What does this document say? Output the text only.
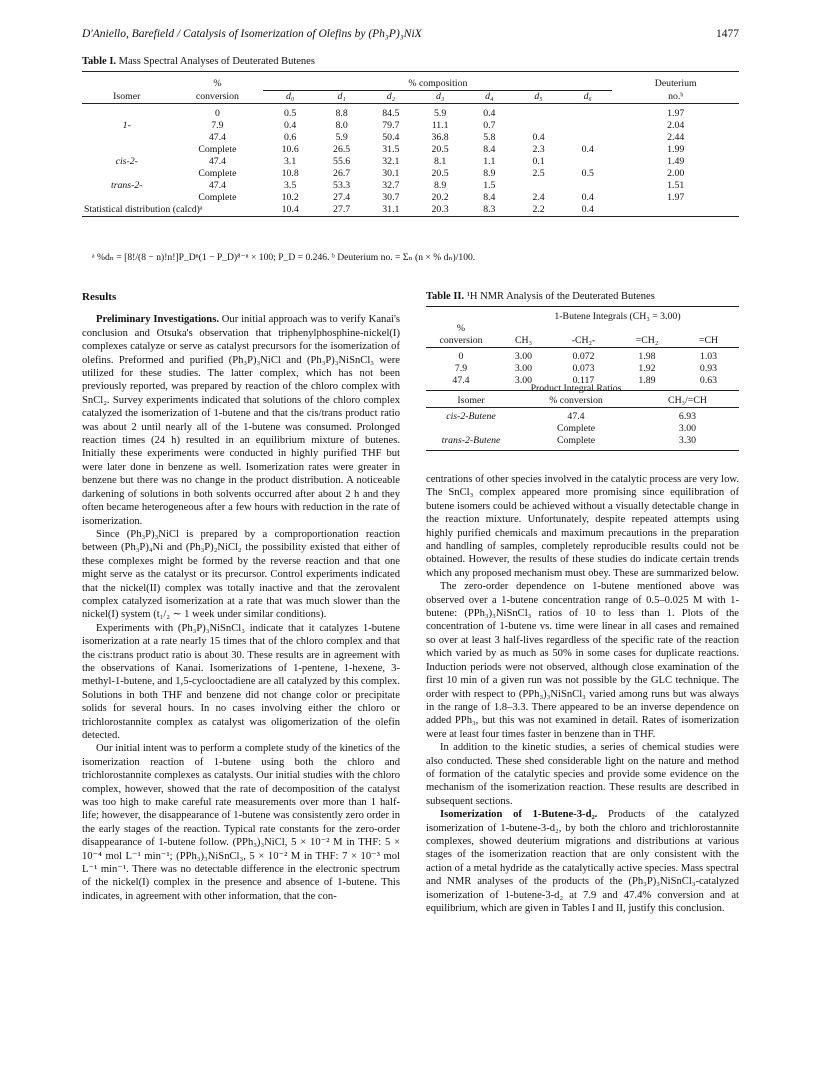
D'Aniello, Barefield / Catalysis of Isomerization of Olefins by (Ph₃P)₃NiX	1477
Table I. Mass Spectral Analyses of Deuterated Butenes
	%	% composition							Deuterium
Isomer	conversion	d₀	d₁	d₂	d₃	d₄	d₅	d₆	no.ᵇ

	0	0.5	8.8	84.5	5.9	0.4			1.97
1-	7.9	0.4	8.0	79.7	11.1	0.7			2.04
	47.4	0.6	5.9	50.4	36.8	5.8	0.4		2.44
	Complete	10.6	26.5	31.5	20.5	8.4	2.3	0.4	1.99
cis-2-	47.4	3.1	55.6	32.1	8.1	1.1	0.1		1.49
	Complete	10.8	26.7	30.1	20.5	8.9	2.5	0.5	2.00
trans-2-	47.4	3.5	53.3	32.7	8.9	1.5			1.51
	Complete	10.2	27.4	30.7	20.2	8.4	2.4	0.4	1.97
Statistical distribution (calcd)ᵃ		10.4	27.7	31.1	20.3	8.3	2.2	0.4	
ᵃ %dₙ = [8!/(8 − n)!n!]P_Dⁿ(1 − P_D)⁸⁻ⁿ × 100; P_D = 0.246. ᵇ Deuterium no. = Σₙ (n × % dₙ)/100.
Results

Preliminary Investigations. Our initial approach was to verify Kanai's conclusion and Otsuka's observation that triphenylphosphine-nickel(I) complexes catalyze or serve as catalyst precursors for the isomerization of olefins. Preformed and purified (Ph₃P)₃NiCl and (Ph₃P)₃NiSnCl₃ were utilized for these studies. The latter complex, which has not been previously reported, was prepared by reaction of the chloro complex with SnCl₂. Survey experiments indicated that solutions of the chloro complex catalyzed the isomerization of 1-butene and that the cis/trans product ratio was about 2 until nearly all of the 1-butene was consumed. Prolonged reaction times (24 h) resulted in an equilibrium mixture of butenes. Initially these experiments were conducted in highly purified THF but were later done in benzene as well. Isomerization rates were greater in benzene but there was no change in the product distribution. A noticeable darkening of solutions in both solvents occurred after about 2 h and they often became heterogeneous after a few hours with reduction in the rate of isomerization.

Since (Ph₃P)₃NiCl is prepared by a comproportionation reaction between (Ph₃P)₄Ni and (Ph₃P)₂NiCl₂ the possibility existed that either of these complexes might be formed by the reverse reaction and that one might serve as the catalyst or its precursor. Control experiments indicated that the nickel(II) complex was totally inactive and that the zerovalent complex catalyzed isomerization at a rate that was much slower than the nickel(I) system (t₁/₂ ∼ 1 week under similar conditions).

Experiments with (Ph₃P)₃NiSnCl₃ indicate that it catalyzes 1-butene isomerization at a rate nearly 15 times that of the chloro complex and that the cis:trans product ratio is about 30. These results are in agreement with the observations of Kanai. Isomerizations of 1-pentene, 1-hexene, 3-methyl-1-butene, and 1,5-cyclooctadiene are all catalyzed by this complex. Solutions in both THF and benzene did not change color or precipitate solids for several hours. In no cases involving either the chloro or trichlorostannite complex as catalyst was oligomerization of the olefin detected.

Our initial intent was to perform a complete study of the kinetics of the isomerization reaction of 1-butene using both the chloro and trichlorostannite complexes as catalysts. Our initial studies with the chloro complex, however, showed that the rate of decomposition of the catalyst was too high to make careful rate measurements over more than 1 half-life; however, the disappearance of 1-butene was consistently zero order in the early stages of the reaction. Typical rate constants for the zero-order disappearance of 1-butene follow. (PPh₃)₃NiCl, 5 × 10⁻² M in THF: 5 × 10⁻⁴ mol L⁻¹ min⁻¹; (PPh₃)₃NiSnCl₃, 5 × 10⁻² M in THF: 7 × 10⁻³ mol L⁻¹ min⁻¹. There was no detectable difference in the electronic spectrum of the nickel(I) complex in the presence and absence of 1-butene. This indicates, in agreement with other information, that the con-

Table II. ¹H NMR Analysis of the Deuterated Butenes
	1-Butene Integrals (CH₃ = 3.00)			
%				
conversion	CH₃	-CH₂-	=CH₂	=CH

0	3.00	0.072	1.98	1.03
7.9	3.00	0.073	1.92	0.93
47.4	3.00	0.117	1.89	0.63

	Product Integral Ratios	
Isomer	% conversion	CH₃/=CH

cis-2-Butene	47.4	6.93
	Complete	3.00
trans-2-Butene	Complete	3.30

centrations of other species involved in the catalytic process are very low. The SnCl₃ complex appeared more promising since equilibration of butene isomers could be achieved without a visually detectable change in the reaction mixture. Unfortunately, despite repeated attempts using highly purified chemicals and maximum precautions in the preparation and handling of samples, completely reproducible results could not be obtained. However, the results of these studies do indicate certain trends which any proposed mechanism must obey. These are summarized below.

The zero-order dependence on 1-butene mentioned above was observed over a 1-butene concentration range of 0.5–0.025 M with 1-butene: (PPh₃)₃NiSnCl₃ ratios of 10 to less than 1. Plots of the concentration of 1-butene vs. time were linear in all cases and remained so over at least 3 half-lives regardless of the specific rate of the reaction which varied by as much as 50% in some cases for duplicate reactions. Induction periods were not observed, although close examination of the first 10 min of a given run was not possible by the GLC technique. The order with respect to (PPh₃)₃NiSnCl₃ varied among runs but was always in the range of 1.8–3.3. There appeared to be an inverse dependence on added PPh₃, but this was not examined in detail. Rates of isomerization were at least four times faster in benzene than in THF.

In addition to the kinetic studies, a series of chemical studies were also conducted. These shed considerable light on the nature and method of formation of the catalytic species and provide some evidence on the mechanism of the isomerization reaction. These results are described in subsequent sections.

Isomerization of 1-Butene-3-d₂. Products of the catalyzed isomerization of 1-butene-3-d₂, by both the chloro and trichlorostannite complexes, showed deuterium migrations and distributions at various stages of the isomerization reaction that are only consistent with the action of a metal hydride as the catalytically active species. Mass spectral and NMR analyses of the products of the (Ph₃P)₃NiSnCl₃-catalyzed isomerization of 1-butene-3-d₂ at 7.9 and 47.4% conversion and at equilibrium, which are given in Tables I and II, justify this conclusion.
